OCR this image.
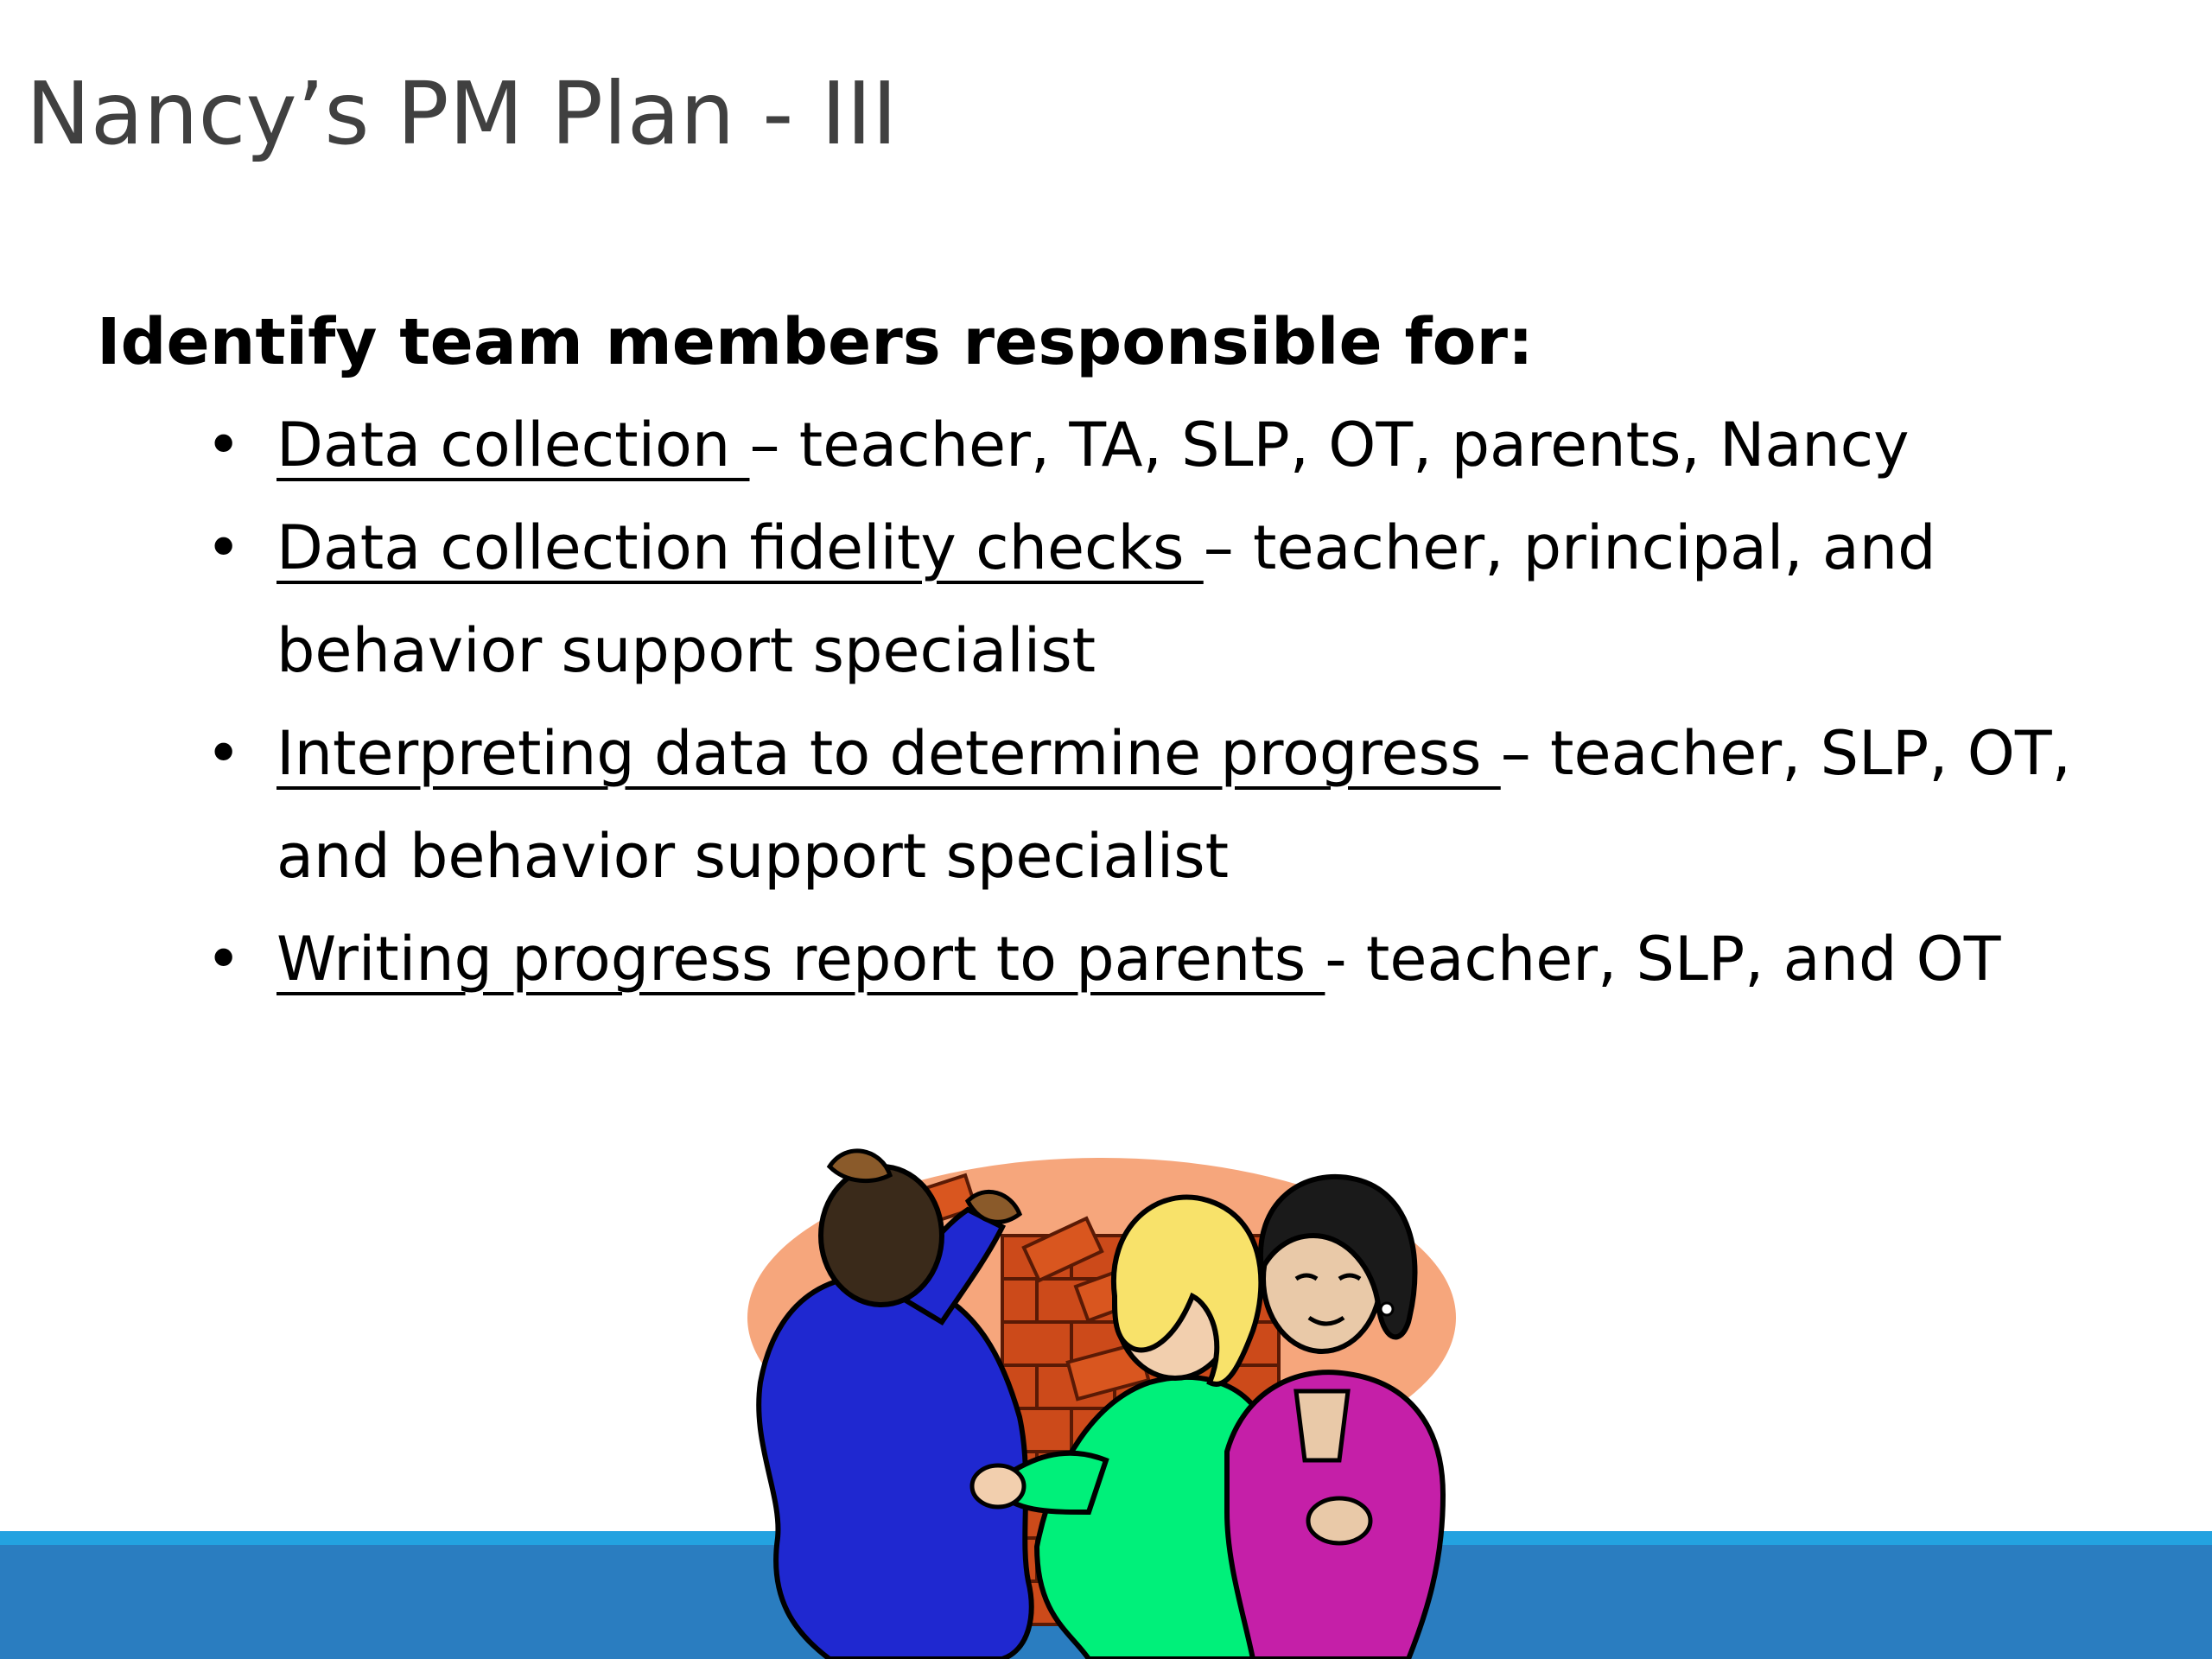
Nancy’s PM Plan - III
Identify team members responsible for:
• Data collection – teacher, TA, SLP, OT, parents, Nancy
• Data collection fidelity checks – teacher, principal, and behavior support specialist
• Interpreting data to determine progress – teacher, SLP, OT, and behavior support specialist
• Writing progress report to parents - teacher, SLP, and OT
